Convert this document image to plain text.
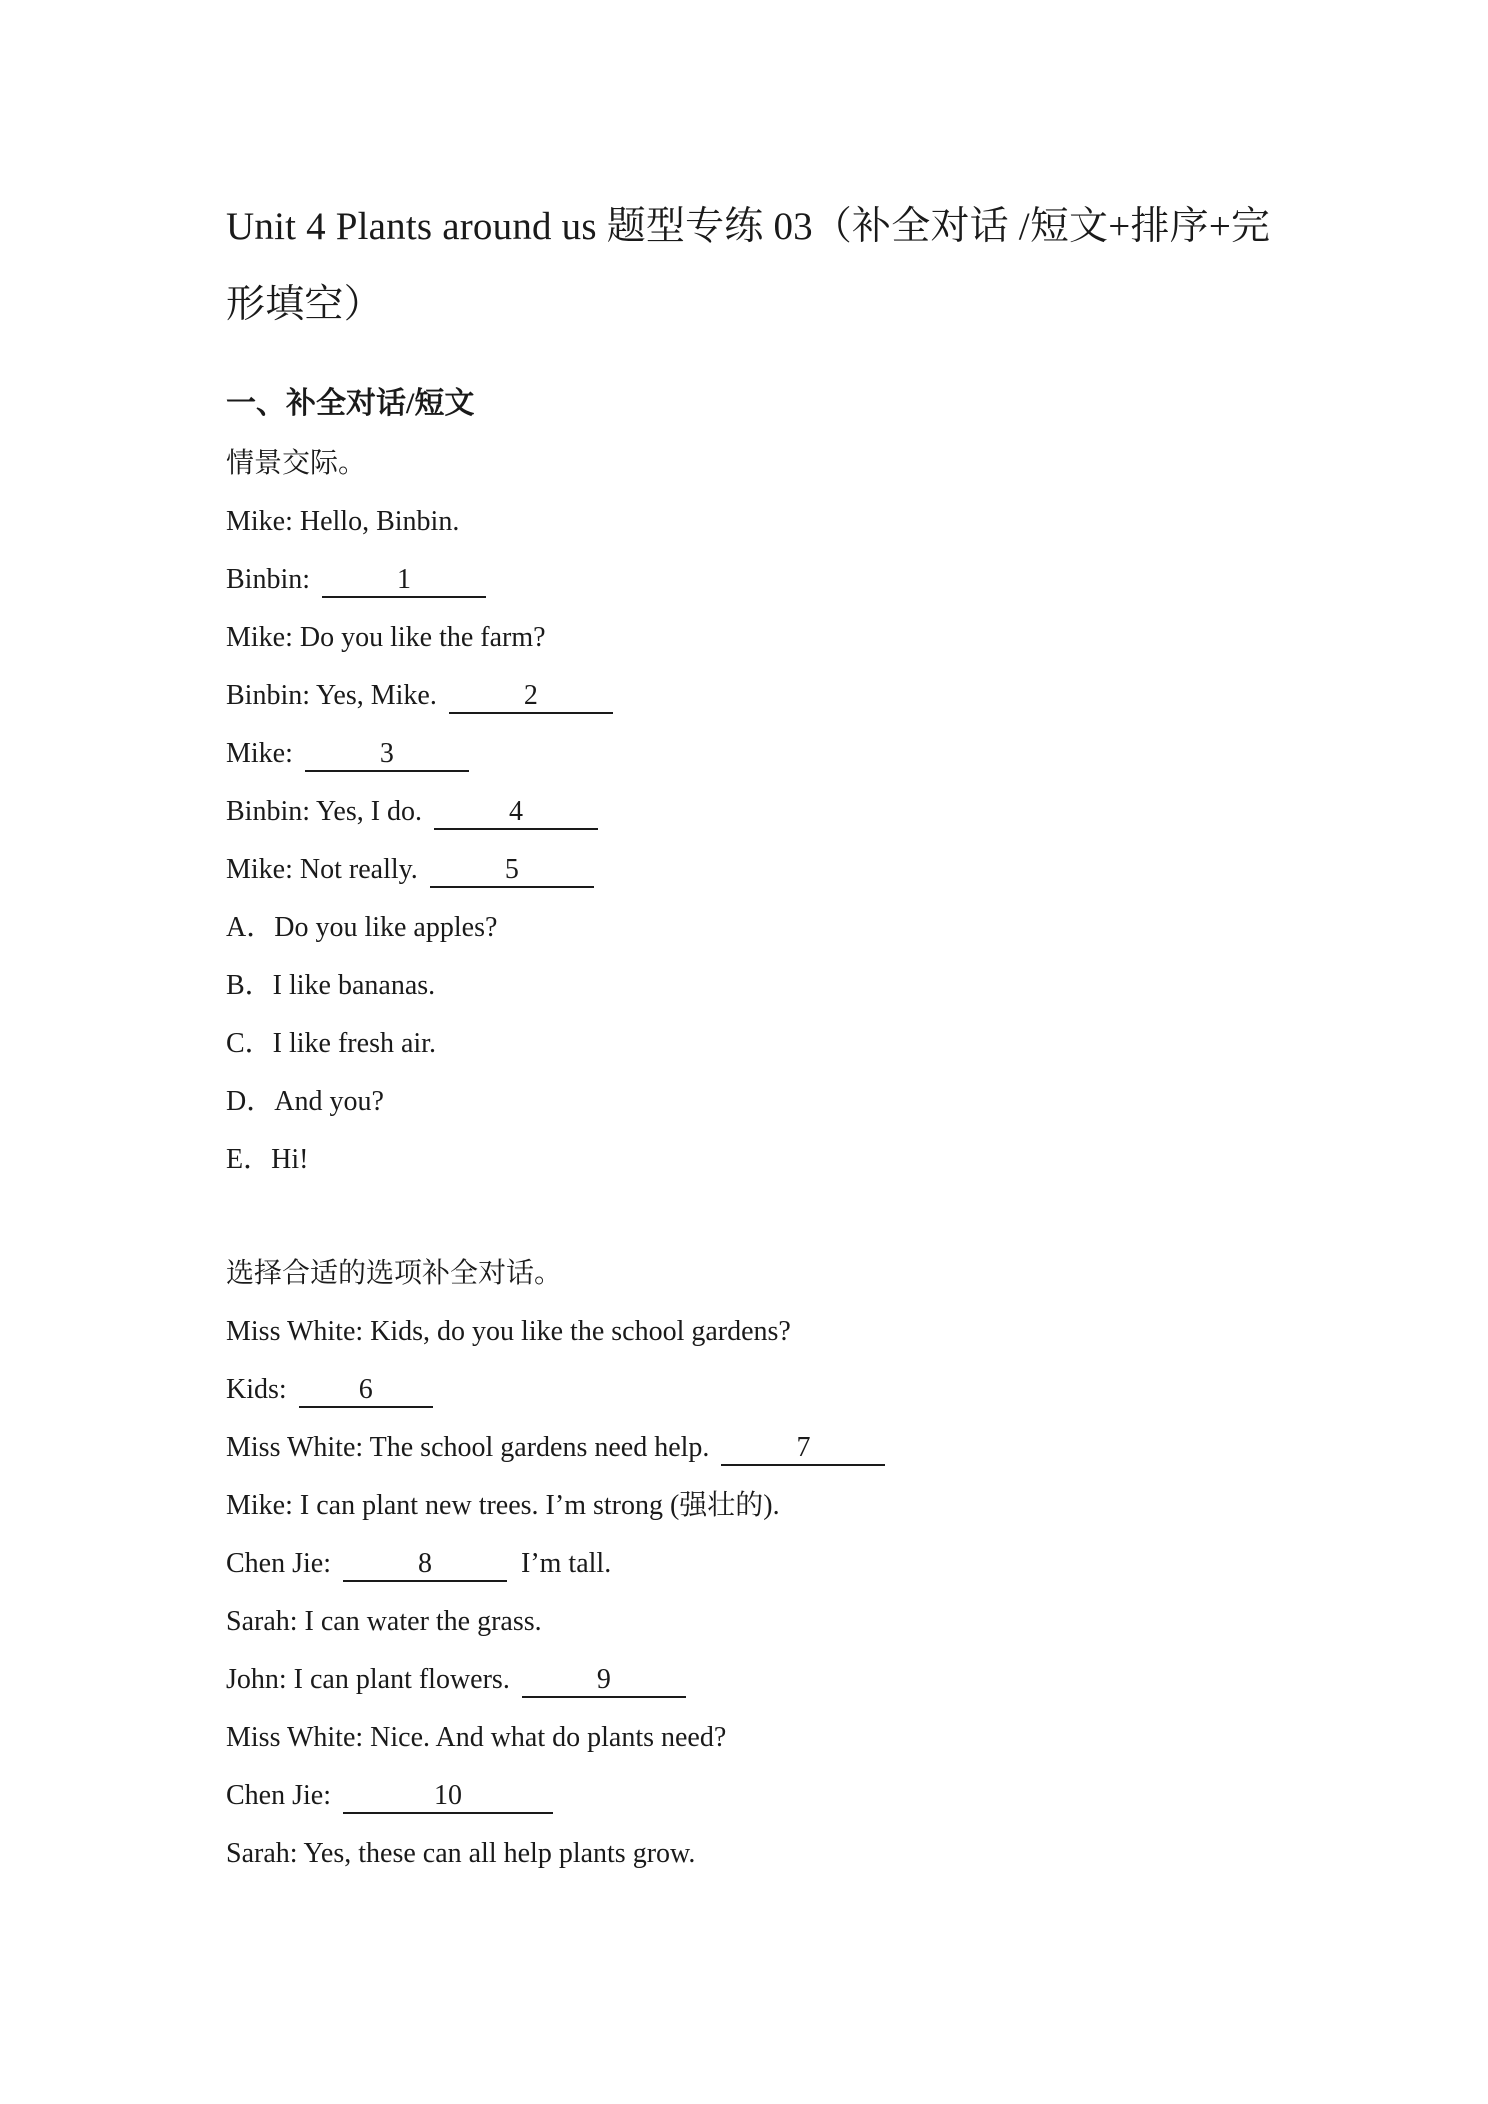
Unit 4 Plants around us 题型专练 03（补全对话 /短文+排序+完形填空）
一、补全对话/短文
情景交际。
Mike: Hello, Binbin.
Binbin:	1
Mike: Do you like the farm?
Binbin: Yes, Mike.	2
Mike:	3
Binbin: Yes, I do.	4
Mike: Not really.	5
A．Do you like apples?
B．I like bananas.
C．I like fresh air.
D．And you?
E．Hi!
选择合适的选项补全对话。
Miss White: Kids, do you like the school gardens?
Kids:	6
Miss White: The school gardens need help.	7
Mike: I can plant new trees. I’m strong (强壮的).
Chen Jie:	8	I’m tall.
Sarah: I can water the grass.
John: I can plant flowers.	9
Miss White: Nice. And what do plants need?
Chen Jie:	10
Sarah: Yes, these can all help plants grow.
